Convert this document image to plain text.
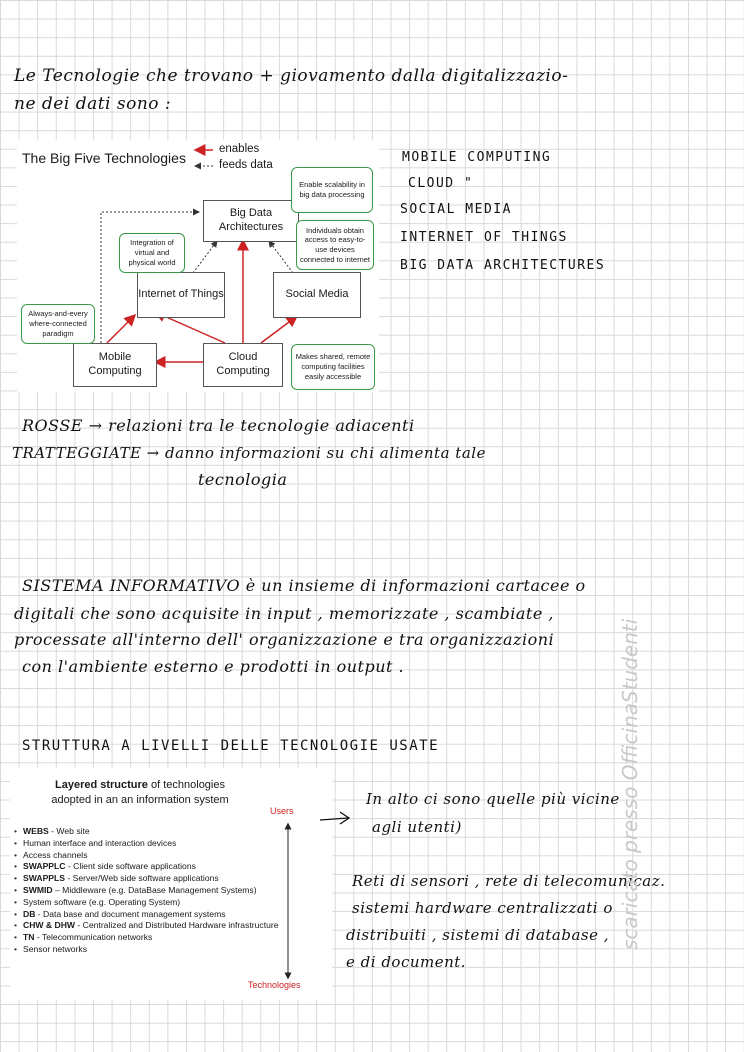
Le Tecnologie che trovano + giovamento dalla digitalizzazio-
ne dei dati sono :
The Big Five Technologies
enables
feeds data
Big Data Architectures
Internet of Things	Social Media
Mobile Computing
Cloud Computing
Enable scalability in big data processing
Individuals obtain access to easy-to-use devices connected to internet
Integration of virtual and physical world
Always-and-every where-connected paradigm
Makes shared, remote computing facilities easily accessible
MOBILE COMPUTING
CLOUD "
SOCIAL MEDIA
INTERNET OF THINGS
BIG DATA ARCHITECTURES
ROSSE → relazioni tra le tecnologie adiacenti
TRATTEGGIATE → danno informazioni su chi alimenta tale
tecnologia
SISTEMA INFORMATIVO è un insieme di informazioni cartacee o
digitali che sono acquisite in input , memorizzate , scambiate ,
processate all'interno dell' organizzazione e tra organizzazioni
con l'ambiente esterno e prodotti in output .
STRUTTURA A LIVELLI DELLE TECNOLOGIE USATE
Layered structure of technologies
adopted in an an information system
Users
Technologies
• WEBS - Web site
• Human interface and interaction devices
• Access channels
• SWAPPLC - Client side software applications
• SWAPPLS - Server/Web side software applications
• SWMID – Middleware (e.g. DataBase Management Systems)
• System software (e.g. Operating System)
• DB - Data base and document management systems
• CHW & DHW - Centralized and Distributed Hardware infrastructure
• TN - Telecommunication networks
• Sensor networks
In alto ci sono quelle più vicine
agli utenti)
Reti di sensori , rete di telecomunicaz.
sistemi hardware centralizzati o
distribuiti , sistemi di database ,
e di document.
scaricato presso OfficinaStudenti
